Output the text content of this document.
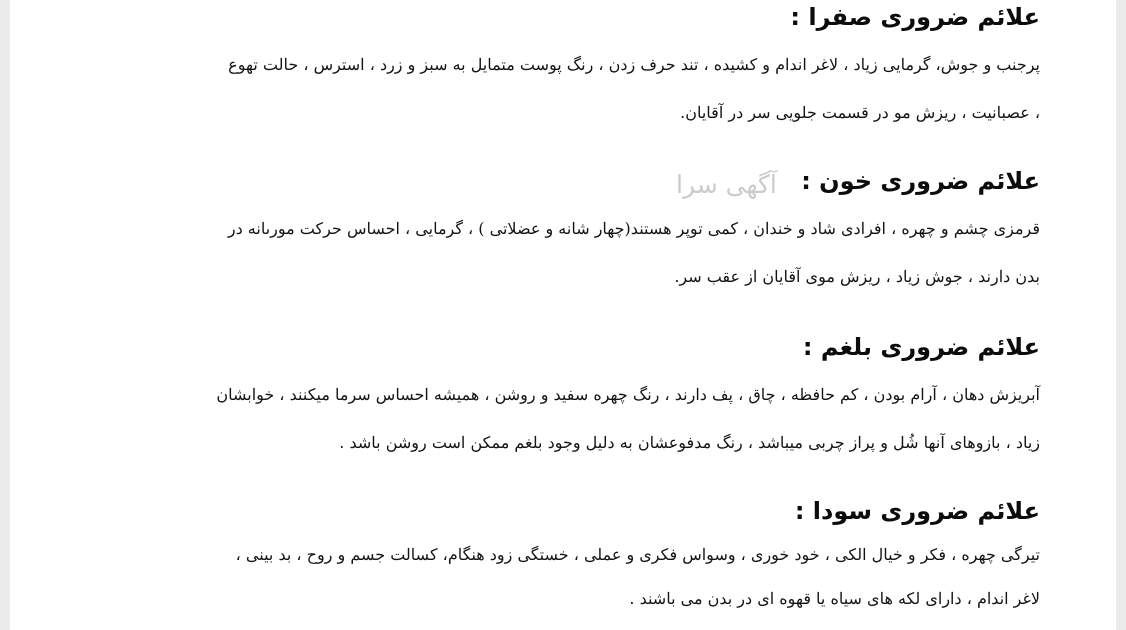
علائم ضروری صفرا :
پرجنب و جوش، گرمایی زیاد ، لاغر اندام و کشیده ، تند حرف زدن ، رنگ پوست متمایل به سبز و زرد ، استرس ، حالت تهوع
، عصبانیت ، ریزش مو در قسمت جلویی سر در آقایان.
علائم ضروری خون :
قرمزی چشم و چهره ، افرادی شاد و خندان ، کمی توپر هستند(چهار شانه و عضلاتی ) ، گرمایی ، احساس حرکت مورىانه در
بدن دارند ، جوش زیاد ، ریزش موی آقایان از عقب سر.
علائم ضروری بلغم :
آبریزش دهان ، آرام بودن ، کم حافظه ، چاق ، پف دارند ، رنگ چهره سفید و روشن ، همیشه احساس سرما میکنند ، خوابشان
زیاد ، بازوهای آنها شُل و پراز چربی میباشد ، رنگ مدفوعشان به دلیل وجود بلغم ممکن است روشن باشد .
علائم ضروری سودا :
تیرگی چهره ، فکر و خیال الکی ، خود خوری ، وسواس فکری و عملی ، خستگی زود هنگام، کسالت جسم و روح ، بد بینی ،
لاغر اندام ، دارای لکه های سیاه یا قهوه ای در بدن می باشند .
آگهی سرا
